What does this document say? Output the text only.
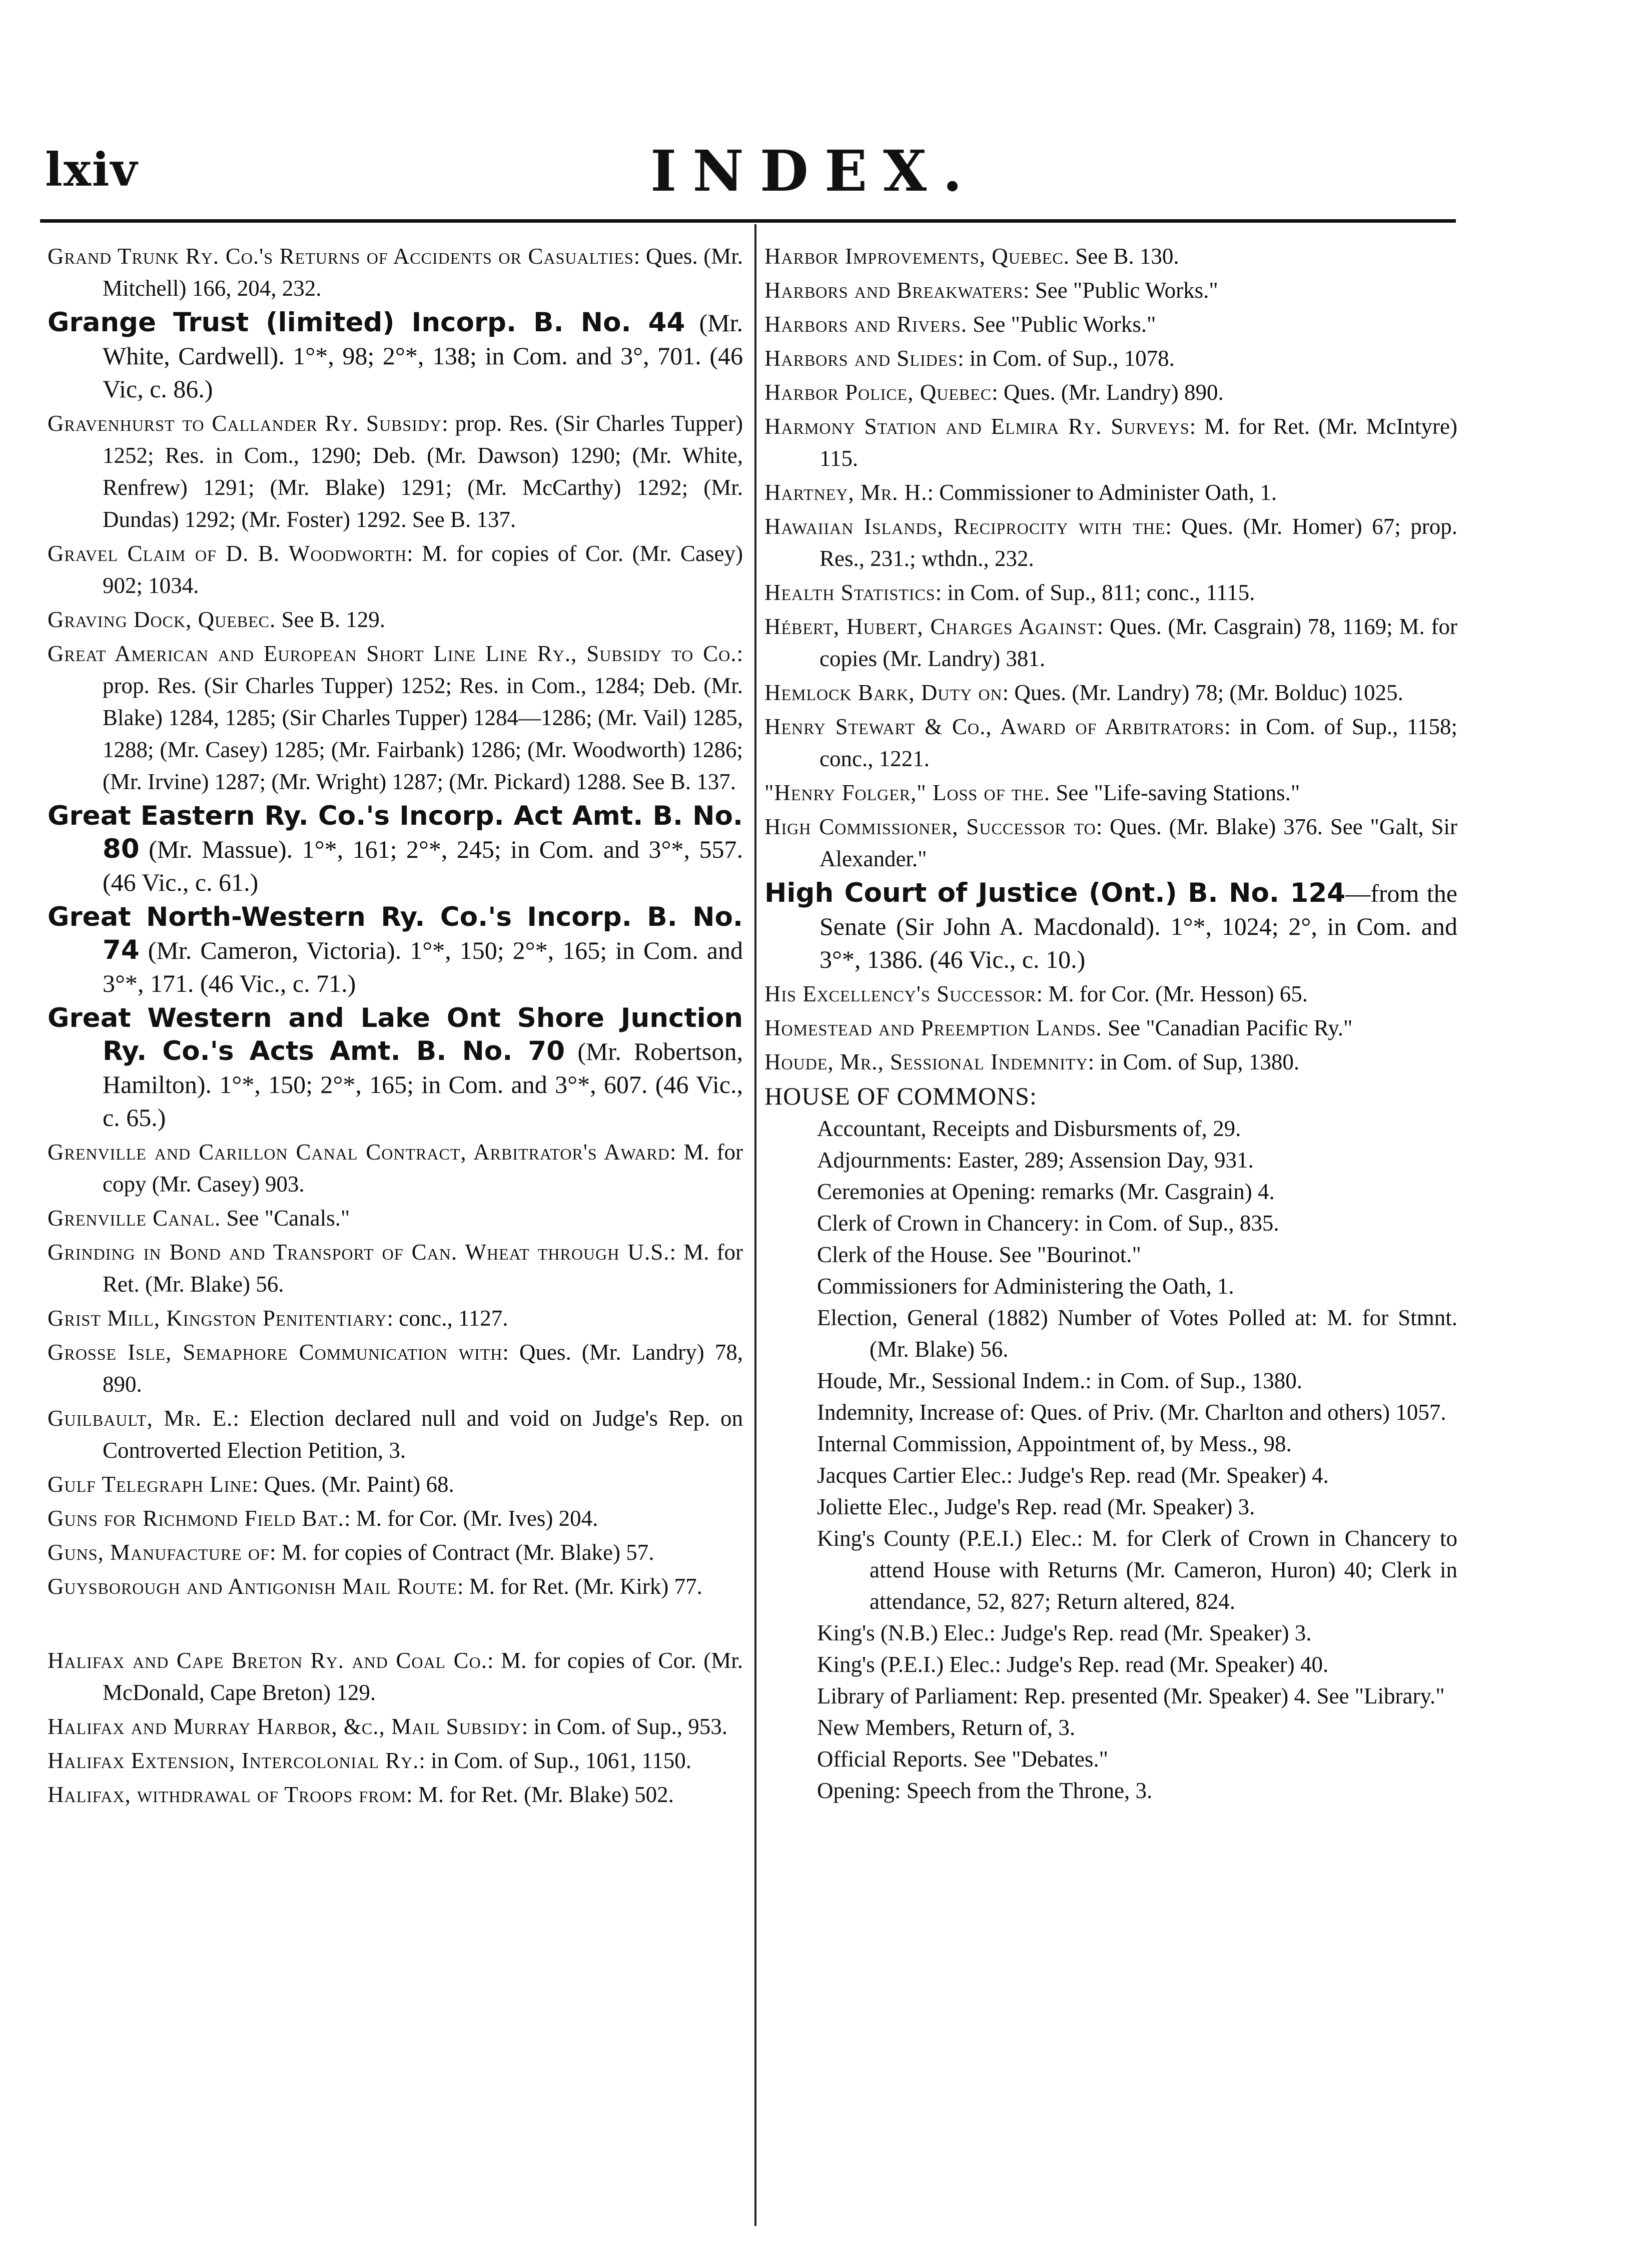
lxiv	INDEX.
Grand Trunk Ry. Co.'s Returns of Accidents or Casualties: Ques. (Mr. Mitchell) 166, 204, 232.
Grange Trust (limited) Incorp. B. No. 44 (Mr. White, Cardwell). 1°*, 98; 2°*, 138; in Com. and 3°, 701. (46 Vic, c. 86.)
Gravenhurst to Callander Ry. Subsidy: prop. Res. (Sir Charles Tupper) 1252; Res. in Com., 1290; Deb. (Mr. Dawson) 1290; (Mr. White, Renfrew) 1291; (Mr. Blake) 1291; (Mr. McCarthy) 1292; (Mr. Dundas) 1292; (Mr. Foster) 1292. See B. 137.
Gravel Claim of D. B. Woodworth: M. for copies of Cor. (Mr. Casey) 902; 1034.
Graving Dock, Quebec. See B. 129.
Great American and European Short Line Line Ry., Subsidy to Co.: prop. Res. (Sir Charles Tupper) 1252; Res. in Com., 1284; Deb. (Mr. Blake) 1284, 1285; (Sir Charles Tupper) 1284—1286; (Mr. Vail) 1285, 1288; (Mr. Casey) 1285; (Mr. Fairbank) 1286; (Mr. Woodworth) 1286; (Mr. Irvine) 1287; (Mr. Wright) 1287; (Mr. Pickard) 1288. See B. 137.
Great Eastern Ry. Co.'s Incorp. Act Amt. B. No. 80 (Mr. Massue). 1°*, 161; 2°*, 245; in Com. and 3°*, 557. (46 Vic., c. 61.)
Great North-Western Ry. Co.'s Incorp. B. No. 74 (Mr. Cameron, Victoria). 1°*, 150; 2°*, 165; in Com. and 3°*, 171. (46 Vic., c. 71.)
Great Western and Lake Ont Shore Junction Ry. Co.'s Acts Amt. B. No. 70 (Mr. Robertson, Hamilton). 1°*, 150; 2°*, 165; in Com. and 3°*, 607. (46 Vic., c. 65.)
Grenville and Carillon Canal Contract, Arbitrator's Award: M. for copy (Mr. Casey) 903.
Grenville Canal. See "Canals."
Grinding in Bond and Transport of Can. Wheat through U.S.: M. for Ret. (Mr. Blake) 56.
Grist Mill, Kingston Penitentiary: conc., 1127.
Grosse Isle, Semaphore Communication with: Ques. (Mr. Landry) 78, 890.
Guilbault, Mr. E.: Election declared null and void on Judge's Rep. on Controverted Election Petition, 3.
Gulf Telegraph Line: Ques. (Mr. Paint) 68.
Guns for Richmond Field Bat.: M. for Cor. (Mr. Ives) 204.
Guns, Manufacture of: M. for copies of Contract (Mr. Blake) 57.
Guysborough and Antigonish Mail Route: M. for Ret. (Mr. Kirk) 77.
Halifax and Cape Breton Ry. and Coal Co.: M. for copies of Cor. (Mr. McDonald, Cape Breton) 129.
Halifax and Murray Harbor, &c., Mail Subsidy: in Com. of Sup., 953.
Halifax Extension, Intercolonial Ry.: in Com. of Sup., 1061, 1150.
Halifax, withdrawal of Troops from: M. for Ret. (Mr. Blake) 502.
Harbor Improvements, Quebec. See B. 130.
Harbors and Breakwaters: See "Public Works."
Harbors and Rivers. See "Public Works."
Harbors and Slides: in Com. of Sup., 1078.
Harbor Police, Quebec: Ques. (Mr. Landry) 890.
Harmony Station and Elmira Ry. Surveys: M. for Ret. (Mr. McIntyre) 115.
Hartney, Mr. H.: Commissioner to Administer Oath, 1.
Hawaiian Islands, Reciprocity with the: Ques. (Mr. Homer) 67; prop. Res., 231.; wthdn., 232.
Health Statistics: in Com. of Sup., 811; conc., 1115.
Hébert, Hubert, Charges Against: Ques. (Mr. Casgrain) 78, 1169; M. for copies (Mr. Landry) 381.
Hemlock Bark, Duty on: Ques. (Mr. Landry) 78; (Mr. Bolduc) 1025.
Henry Stewart & Co., Award of Arbitrators: in Com. of Sup., 1158; conc., 1221.
"Henry Folger," Loss of the. See "Life-saving Stations."
High Commissioner, Successor to: Ques. (Mr. Blake) 376. See "Galt, Sir Alexander."
High Court of Justice (Ont.) B. No. 124—from the Senate (Sir John A. Macdonald). 1°*, 1024; 2°, in Com. and 3°*, 1386. (46 Vic., c. 10.)
His Excellency's Successor: M. for Cor. (Mr. Hesson) 65.
Homestead and Preemption Lands. See "Canadian Pacific Ry."
Houde, Mr., Sessional Indemnity: in Com. of Sup, 1380.
HOUSE OF COMMONS:
Accountant, Receipts and Disbursments of, 29.
Adjournments: Easter, 289; Assension Day, 931.
Ceremonies at Opening: remarks (Mr. Casgrain) 4.
Clerk of Crown in Chancery: in Com. of Sup., 835.
Clerk of the House. See "Bourinot."
Commissioners for Administering the Oath, 1.
Election, General (1882) Number of Votes Polled at: M. for Stmnt. (Mr. Blake) 56.
Houde, Mr., Sessional Indem.: in Com. of Sup., 1380.
Indemnity, Increase of: Ques. of Priv. (Mr. Charlton and others) 1057.
Internal Commission, Appointment of, by Mess., 98.
Jacques Cartier Elec.: Judge's Rep. read (Mr. Speaker) 4.
Joliette Elec., Judge's Rep. read (Mr. Speaker) 3.
King's County (P.E.I.) Elec.: M. for Clerk of Crown in Chancery to attend House with Returns (Mr. Cameron, Huron) 40; Clerk in attendance, 52, 827; Return altered, 824.
King's (N.B.) Elec.: Judge's Rep. read (Mr. Speaker) 3.
King's (P.E.I.) Elec.: Judge's Rep. read (Mr. Speaker) 40.
Library of Parliament: Rep. presented (Mr. Speaker) 4. See "Library."
New Members, Return of, 3.
Official Reports. See "Debates."
Opening: Speech from the Throne, 3.
